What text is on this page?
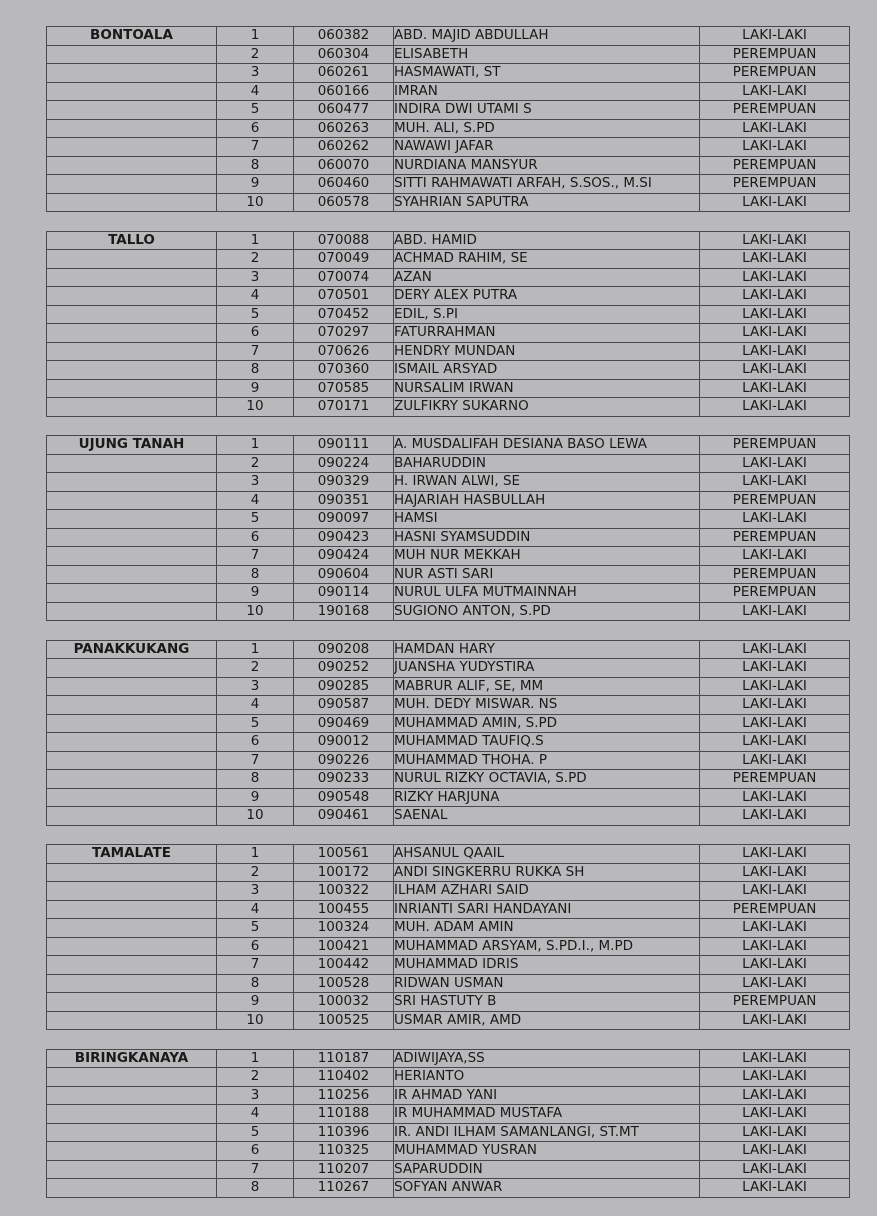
BONTOALA	1	060382	ABD. MAJID ABDULLAH	LAKI-LAKI
	2	060304	ELISABETH	PEREMPUAN
	3	060261	HASMAWATI, ST	PEREMPUAN
	4	060166	IMRAN	LAKI-LAKI
	5	060477	INDIRA DWI UTAMI S	PEREMPUAN
	6	060263	MUH. ALI, S.PD	LAKI-LAKI
	7	060262	NAWAWI JAFAR	LAKI-LAKI
	8	060070	NURDIANA MANSYUR	PEREMPUAN
	9	060460	SITTI RAHMAWATI ARFAH, S.SOS., M.SI	PEREMPUAN
	10	060578	SYAHRIAN SAPUTRA	LAKI-LAKI
TALLO	1	070088	ABD. HAMID	LAKI-LAKI
	2	070049	ACHMAD RAHIM, SE	LAKI-LAKI
	3	070074	AZAN	LAKI-LAKI
	4	070501	DERY ALEX PUTRA	LAKI-LAKI
	5	070452	EDIL, S.PI	LAKI-LAKI
	6	070297	FATURRAHMAN	LAKI-LAKI
	7	070626	HENDRY MUNDAN	LAKI-LAKI
	8	070360	ISMAIL ARSYAD	LAKI-LAKI
	9	070585	NURSALIM IRWAN	LAKI-LAKI
	10	070171	ZULFIKRY SUKARNO	LAKI-LAKI
UJUNG TANAH	1	090111	A. MUSDALIFAH DESIANA BASO LEWA	PEREMPUAN
	2	090224	BAHARUDDIN	LAKI-LAKI
	3	090329	H. IRWAN ALWI, SE	LAKI-LAKI
	4	090351	HAJARIAH HASBULLAH	PEREMPUAN
	5	090097	HAMSI	LAKI-LAKI
	6	090423	HASNI SYAMSUDDIN	PEREMPUAN
	7	090424	MUH NUR MEKKAH	LAKI-LAKI
	8	090604	NUR ASTI SARI	PEREMPUAN
	9	090114	NURUL ULFA MUTMAINNAH	PEREMPUAN
	10	190168	SUGIONO ANTON, S.PD	LAKI-LAKI
PANAKKUKANG	1	090208	HAMDAN HARY	LAKI-LAKI
	2	090252	JUANSHA YUDYSTIRA	LAKI-LAKI
	3	090285	MABRUR ALIF, SE, MM	LAKI-LAKI
	4	090587	MUH. DEDY MISWAR. NS	LAKI-LAKI
	5	090469	MUHAMMAD AMIN, S.PD	LAKI-LAKI
	6	090012	MUHAMMAD TAUFIQ.S	LAKI-LAKI
	7	090226	MUHAMMAD THOHA. P	LAKI-LAKI
	8	090233	NURUL RIZKY OCTAVIA, S.PD	PEREMPUAN
	9	090548	RIZKY HARJUNA	LAKI-LAKI
	10	090461	SAENAL	LAKI-LAKI
TAMALATE	1	100561	AHSANUL QAAIL	LAKI-LAKI
	2	100172	ANDI SINGKERRU RUKKA SH	LAKI-LAKI
	3	100322	ILHAM AZHARI SAID	LAKI-LAKI
	4	100455	INRIANTI SARI HANDAYANI	PEREMPUAN
	5	100324	MUH. ADAM AMIN	LAKI-LAKI
	6	100421	MUHAMMAD ARSYAM, S.PD.I., M.PD	LAKI-LAKI
	7	100442	MUHAMMAD IDRIS	LAKI-LAKI
	8	100528	RIDWAN USMAN	LAKI-LAKI
	9	100032	SRI HASTUTY B	PEREMPUAN
	10	100525	USMAR AMIR, AMD	LAKI-LAKI
BIRINGKANAYA	1	110187	ADIWIJAYA,SS	LAKI-LAKI
	2	110402	HERIANTO	LAKI-LAKI
	3	110256	IR AHMAD YANI	LAKI-LAKI
	4	110188	IR MUHAMMAD MUSTAFA	LAKI-LAKI
	5	110396	IR. ANDI ILHAM SAMANLANGI, ST.MT	LAKI-LAKI
	6	110325	MUHAMMAD YUSRAN	LAKI-LAKI
	7	110207	SAPARUDDIN	LAKI-LAKI
	8	110267	SOFYAN ANWAR	LAKI-LAKI
